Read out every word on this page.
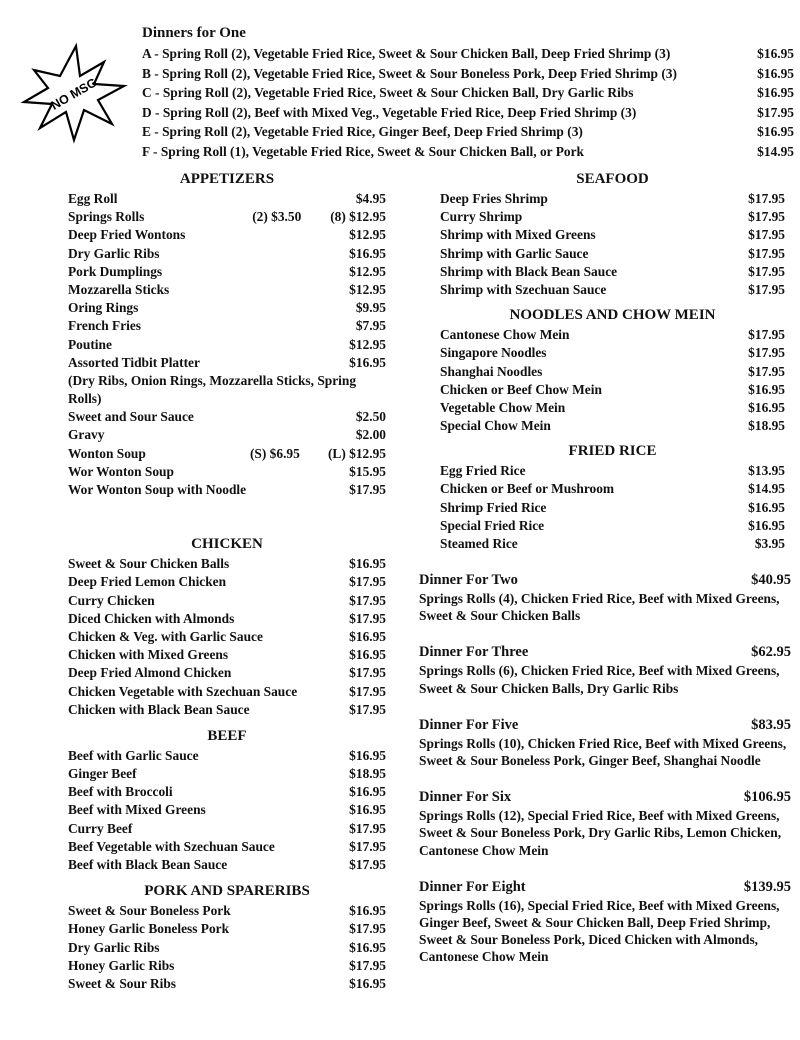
NO MSG
Dinners for One
A - Spring Roll (2), Vegetable Fried Rice, Sweet & Sour Chicken Ball, Deep Fried Shrimp (3)	$16.95
B - Spring Roll (2), Vegetable Fried Rice, Sweet & Sour Boneless Pork, Deep Fried Shrimp (3)	$16.95
C - Spring Roll (2), Vegetable Fried Rice, Sweet & Sour Chicken Ball, Dry Garlic Ribs	$16.95
D - Spring Roll (2), Beef with Mixed Veg., Vegetable Fried Rice, Deep Fried Shrimp (3)	$17.95
E - Spring Roll (2), Vegetable Fried Rice, Ginger Beef, Deep Fried Shrimp (3)	$16.95
F - Spring Roll (1), Vegetable Fried Rice, Sweet & Sour Chicken Ball, or Pork	$14.95
APPETIZERS
Egg Roll	$4.95
Springs Rolls	(2) $3.50	(8) $12.95
Deep Fried Wontons	$12.95
Dry Garlic Ribs	$16.95
Pork Dumplings	$12.95
Mozzarella Sticks	$12.95
Oring Rings	$9.95
French Fries	$7.95
Poutine	$12.95
Assorted Tidbit Platter	$16.95
(Dry Ribs, Onion Rings, Mozzarella Sticks, Spring Rolls)
Sweet and Sour Sauce	$2.50
Gravy	$2.00
Wonton Soup	(S) $6.95	(L) $12.95
Wor Wonton Soup	$15.95
Wor Wonton Soup with Noodle	$17.95
CHICKEN
Sweet & Sour Chicken Balls	$16.95
Deep Fried Lemon Chicken	$17.95
Curry Chicken	$17.95
Diced Chicken with Almonds	$17.95
Chicken & Veg. with Garlic Sauce	$16.95
Chicken with Mixed Greens	$16.95
Deep Fried Almond Chicken	$17.95
Chicken Vegetable with Szechuan Sauce	$17.95
Chicken with Black Bean Sauce	$17.95
BEEF
Beef with Garlic Sauce	$16.95
Ginger Beef	$18.95
Beef with Broccoli	$16.95
Beef with Mixed Greens	$16.95
Curry Beef	$17.95
Beef Vegetable with Szechuan Sauce	$17.95
Beef with Black Bean Sauce	$17.95
PORK AND SPARERIBS
Sweet & Sour Boneless Pork	$16.95
Honey Garlic Boneless Pork	$17.95
Dry Garlic Ribs	$16.95
Honey Garlic Ribs	$17.95
Sweet & Sour Ribs	$16.95
SEAFOOD
Deep Fries Shrimp	$17.95
Curry Shrimp	$17.95
Shrimp with Mixed Greens	$17.95
Shrimp with Garlic Sauce	$17.95
Shrimp with Black Bean Sauce	$17.95
Shrimp with Szechuan Sauce	$17.95
NOODLES AND CHOW MEIN
Cantonese Chow Mein	$17.95
Singapore Noodles	$17.95
Shanghai Noodles	$17.95
Chicken or Beef Chow Mein	$16.95
Vegetable Chow Mein	$16.95
Special Chow Mein	$18.95
FRIED RICE
Egg Fried Rice	$13.95
Chicken or Beef or Mushroom	$14.95
Shrimp Fried Rice	$16.95
Special Fried Rice	$16.95
Steamed Rice	$3.95
Dinner For Two	$40.95
Springs Rolls (4), Chicken Fried Rice, Beef with Mixed Greens, Sweet & Sour Chicken Balls
Dinner For Three	$62.95
Springs Rolls (6), Chicken Fried Rice, Beef with Mixed Greens, Sweet & Sour Chicken Balls, Dry Garlic Ribs
Dinner For Five	$83.95
Springs Rolls (10), Chicken Fried Rice, Beef with Mixed Greens, Sweet & Sour Boneless Pork, Ginger Beef, Shanghai Noodle
Dinner For Six	$106.95
Springs Rolls (12), Special Fried Rice, Beef with Mixed Greens, Sweet & Sour Boneless Pork, Dry Garlic Ribs, Lemon Chicken, Cantonese Chow Mein
Dinner For Eight	$139.95
Springs Rolls (16), Special Fried Rice, Beef with Mixed Greens, Ginger Beef, Sweet & Sour Chicken Ball, Deep Fried Shrimp, Sweet & Sour Boneless Pork, Diced Chicken with Almonds, Cantonese Chow Mein
